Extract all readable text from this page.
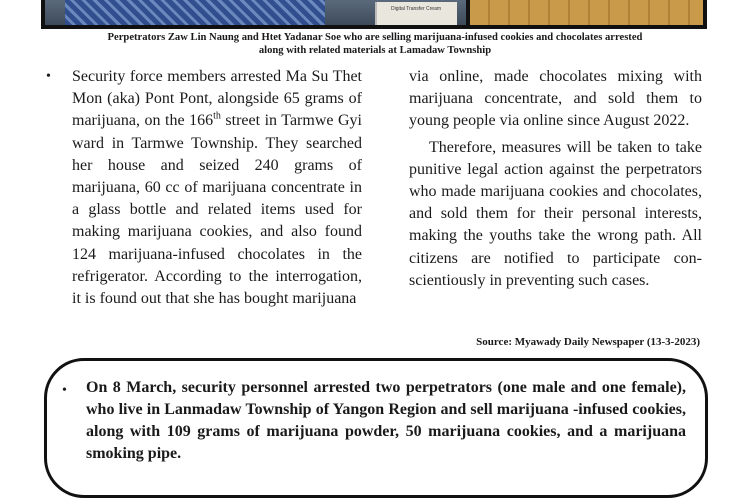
Digital Transfer Cream
Perpetrators Zaw Lin Naung and Htet Yadanar Soe who are selling marijuana-infused cookies and chocolates arrested
along with related materials at Lamadaw Township
• Security force members arrested Ma Su Thet Mon (aka) Pont Pont, alongside 65 grams of marijuana, on the 166th street in Tarmwe Gyi ward in Tarmwe Township. They searched her house and seized 240 grams of marijuana, 60 cc of marijuana concentrate in a glass bottle and related items used for making marijuana cookies, and also found 124 marijuana-infused chocolates in the refrigerator. According to the interrogation, it is found out that she has bought marijuana
via online, made chocolates mixing with marijuana concentrate, and sold them to young people via online since August 2022.
Therefore, measures will be taken to take punitive legal action against the perpetrators who made marijuana cookies and chocolates, and sold them for their personal interests, making the youths take the wrong path. All citizens are notified to participate conscientiously in preventing such cases.
Source: Myawady Daily Newspaper (13-3-2023)
• On 8 March, security personnel arrested two perpetrators (one male and one female), who live in Lanmadaw Township of Yangon Region and sell marijuana -infused cookies, along with 109 grams of marijuana powder, 50 marijuana cookies, and a marijuana smoking pipe.
